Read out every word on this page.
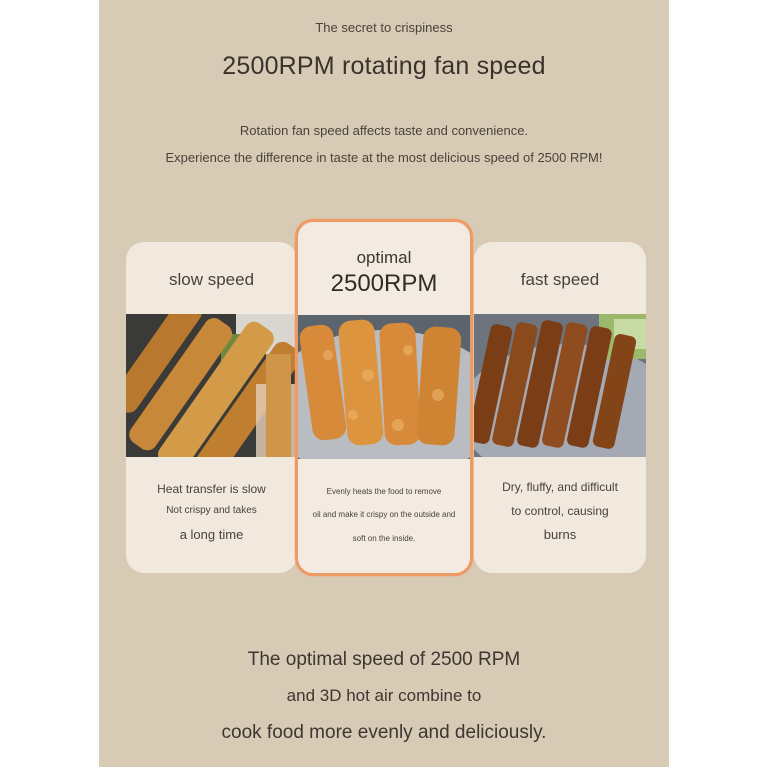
The secret to crispiness
2500RPM rotating fan speed
Rotation fan speed affects taste and convenience.
Experience the difference in taste at the most delicious speed of 2500 RPM!
slow speed
Heat transfer is slow
Not crispy and takes
a long time
fast speed
Dry, fluffy, and difficult
to control, causing
burns
optimal
2500RPM
Evenly heats the food to remove
oil and make it crispy on the outside and
soft on the inside.
The optimal speed of 2500 RPM
and 3D hot air combine to
cook food more evenly and deliciously.
